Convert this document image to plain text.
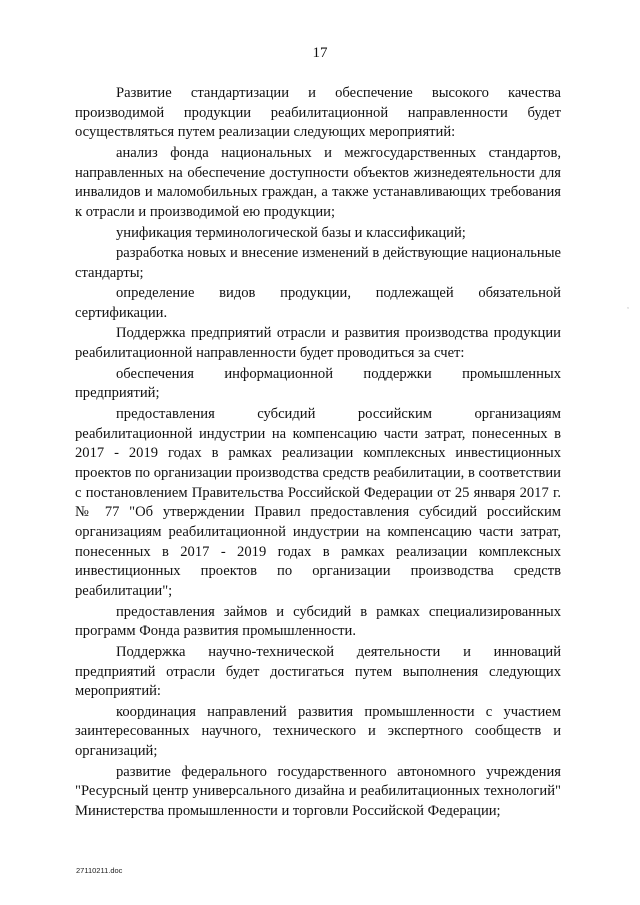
17

Развитие стандартизации и обеспечение высокого качества производимой продукции реабилитационной направленности будет осуществляться путем реализации следующих мероприятий:

анализ фонда национальных и межгосударственных стандартов, направленных на обеспечение доступности объектов жизнедеятельности для инвалидов и маломобильных граждан, а также устанавливающих требования к отрасли и производимой ею продукции;

унификация терминологической базы и классификаций;

разработка новых и внесение изменений в действующие национальные стандарты;

определение видов продукции, подлежащей обязательной сертификации.

Поддержка предприятий отрасли и развития производства продукции реабилитационной направленности будет проводиться за счет:

обеспечения информационной поддержки промышленных предприятий;

предоставления субсидий российским организациям реабилитационной индустрии на компенсацию части затрат, понесенных в 2017 - 2019 годах в рамках реализации комплексных инвестиционных проектов по организации производства средств реабилитации, в соответствии с постановлением Правительства Российской Федерации от 25 января 2017 г. № 77 "Об утверждении Правил предоставления субсидий российским организациям реабилитационной индустрии на компенсацию части затрат, понесенных в 2017 - 2019 годах в рамках реализации комплексных инвестиционных проектов по организации производства средств реабилитации";

предоставления займов и субсидий в рамках специализированных программ Фонда развития промышленности.

Поддержка научно-технической деятельности и инноваций предприятий отрасли будет достигаться путем выполнения следующих мероприятий:

координация направлений развития промышленности с участием заинтересованных научного, технического и экспертного сообществ и организаций;

развитие федерального государственного автономного учреждения "Ресурсный центр универсального дизайна и реабилитационных технологий" Министерства промышленности и торговли Российской Федерации;

,
27110211.doc
